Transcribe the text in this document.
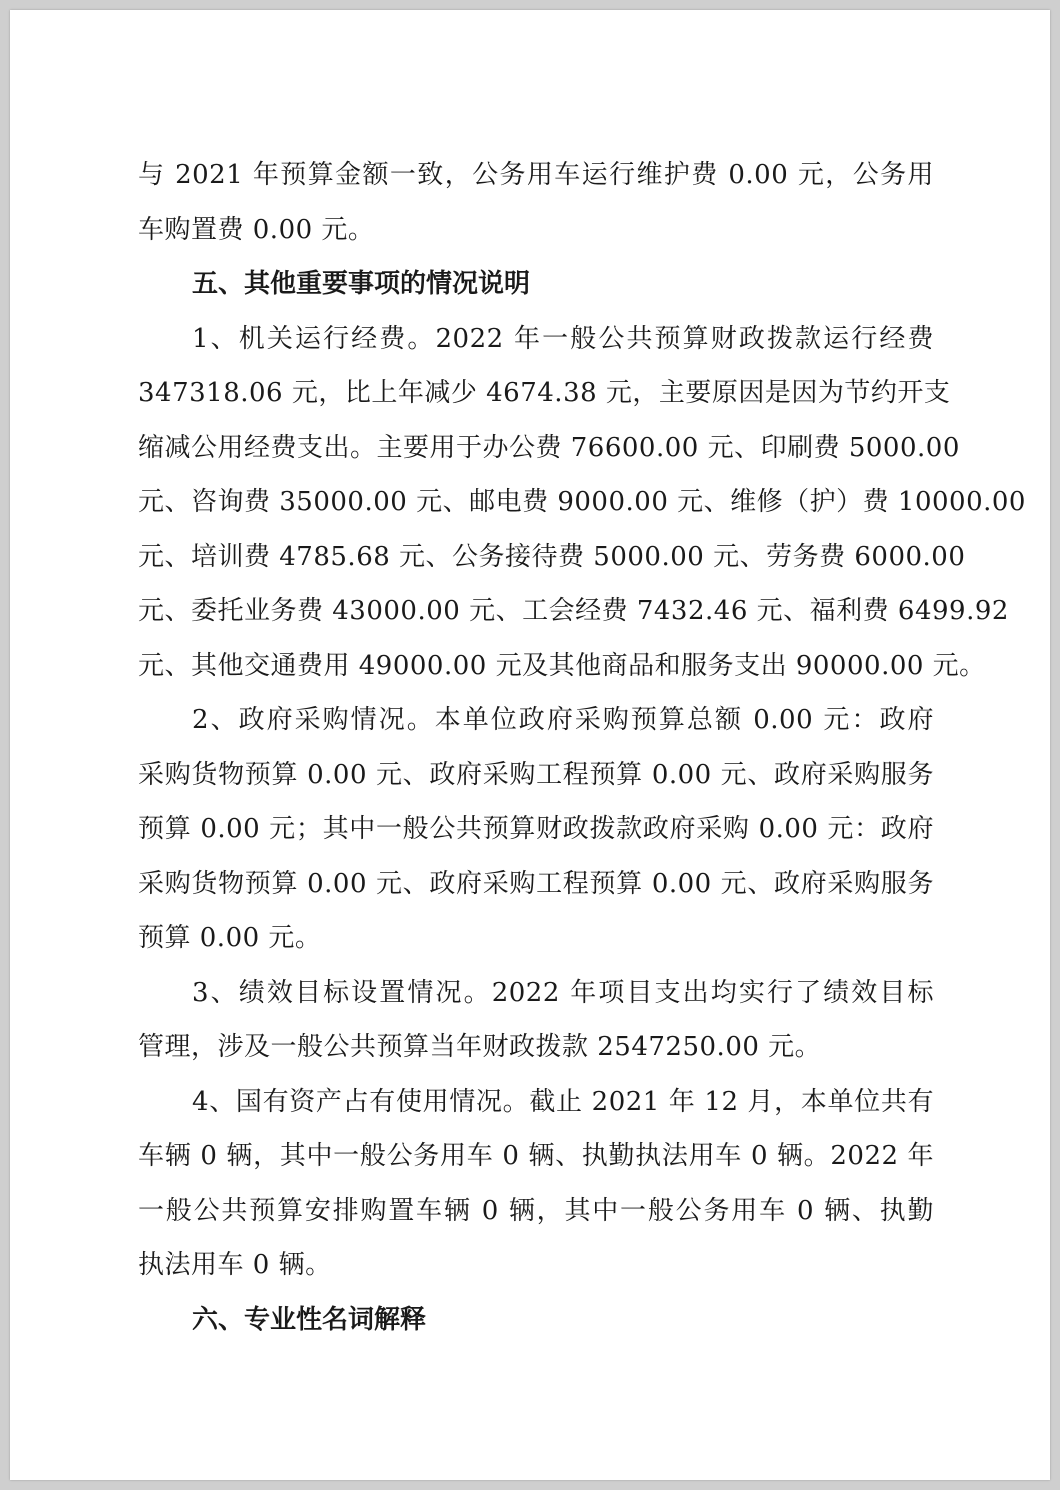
与 2021 年预算金额一致，公务用车运行维护费 0.00 元，公务用
车购置费 0.00 元。
五、其他重要事项的情况说明
1、机关运行经费。2022 年一般公共预算财政拨款运行经费
347318.06 元，比上年减少 4674.38 元，主要原因是因为节约开支
缩减公用经费支出。主要用于办公费 76600.00 元、印刷费 5000.00
元、咨询费 35000.00 元、邮电费 9000.00 元、维修（护）费 10000.00
元、培训费 4785.68 元、公务接待费 5000.00 元、劳务费 6000.00
元、委托业务费 43000.00 元、工会经费 7432.46 元、福利费 6499.92
元、其他交通费用 49000.00 元及其他商品和服务支出 90000.00 元。
2、政府采购情况。本单位政府采购预算总额 0.00 元：政府
采购货物预算 0.00 元、政府采购工程预算 0.00 元、政府采购服务
预算 0.00 元；其中一般公共预算财政拨款政府采购 0.00 元：政府
采购货物预算 0.00 元、政府采购工程预算 0.00 元、政府采购服务
预算 0.00 元。
3、绩效目标设置情况。2022 年项目支出均实行了绩效目标
管理，涉及一般公共预算当年财政拨款 2547250.00 元。
4、国有资产占有使用情况。截止 2021 年 12 月，本单位共有
车辆 0 辆，其中一般公务用车 0 辆、执勤执法用车 0 辆。2022 年
一般公共预算安排购置车辆 0 辆，其中一般公务用车 0 辆、执勤
执法用车 0 辆。
六、专业性名词解释
